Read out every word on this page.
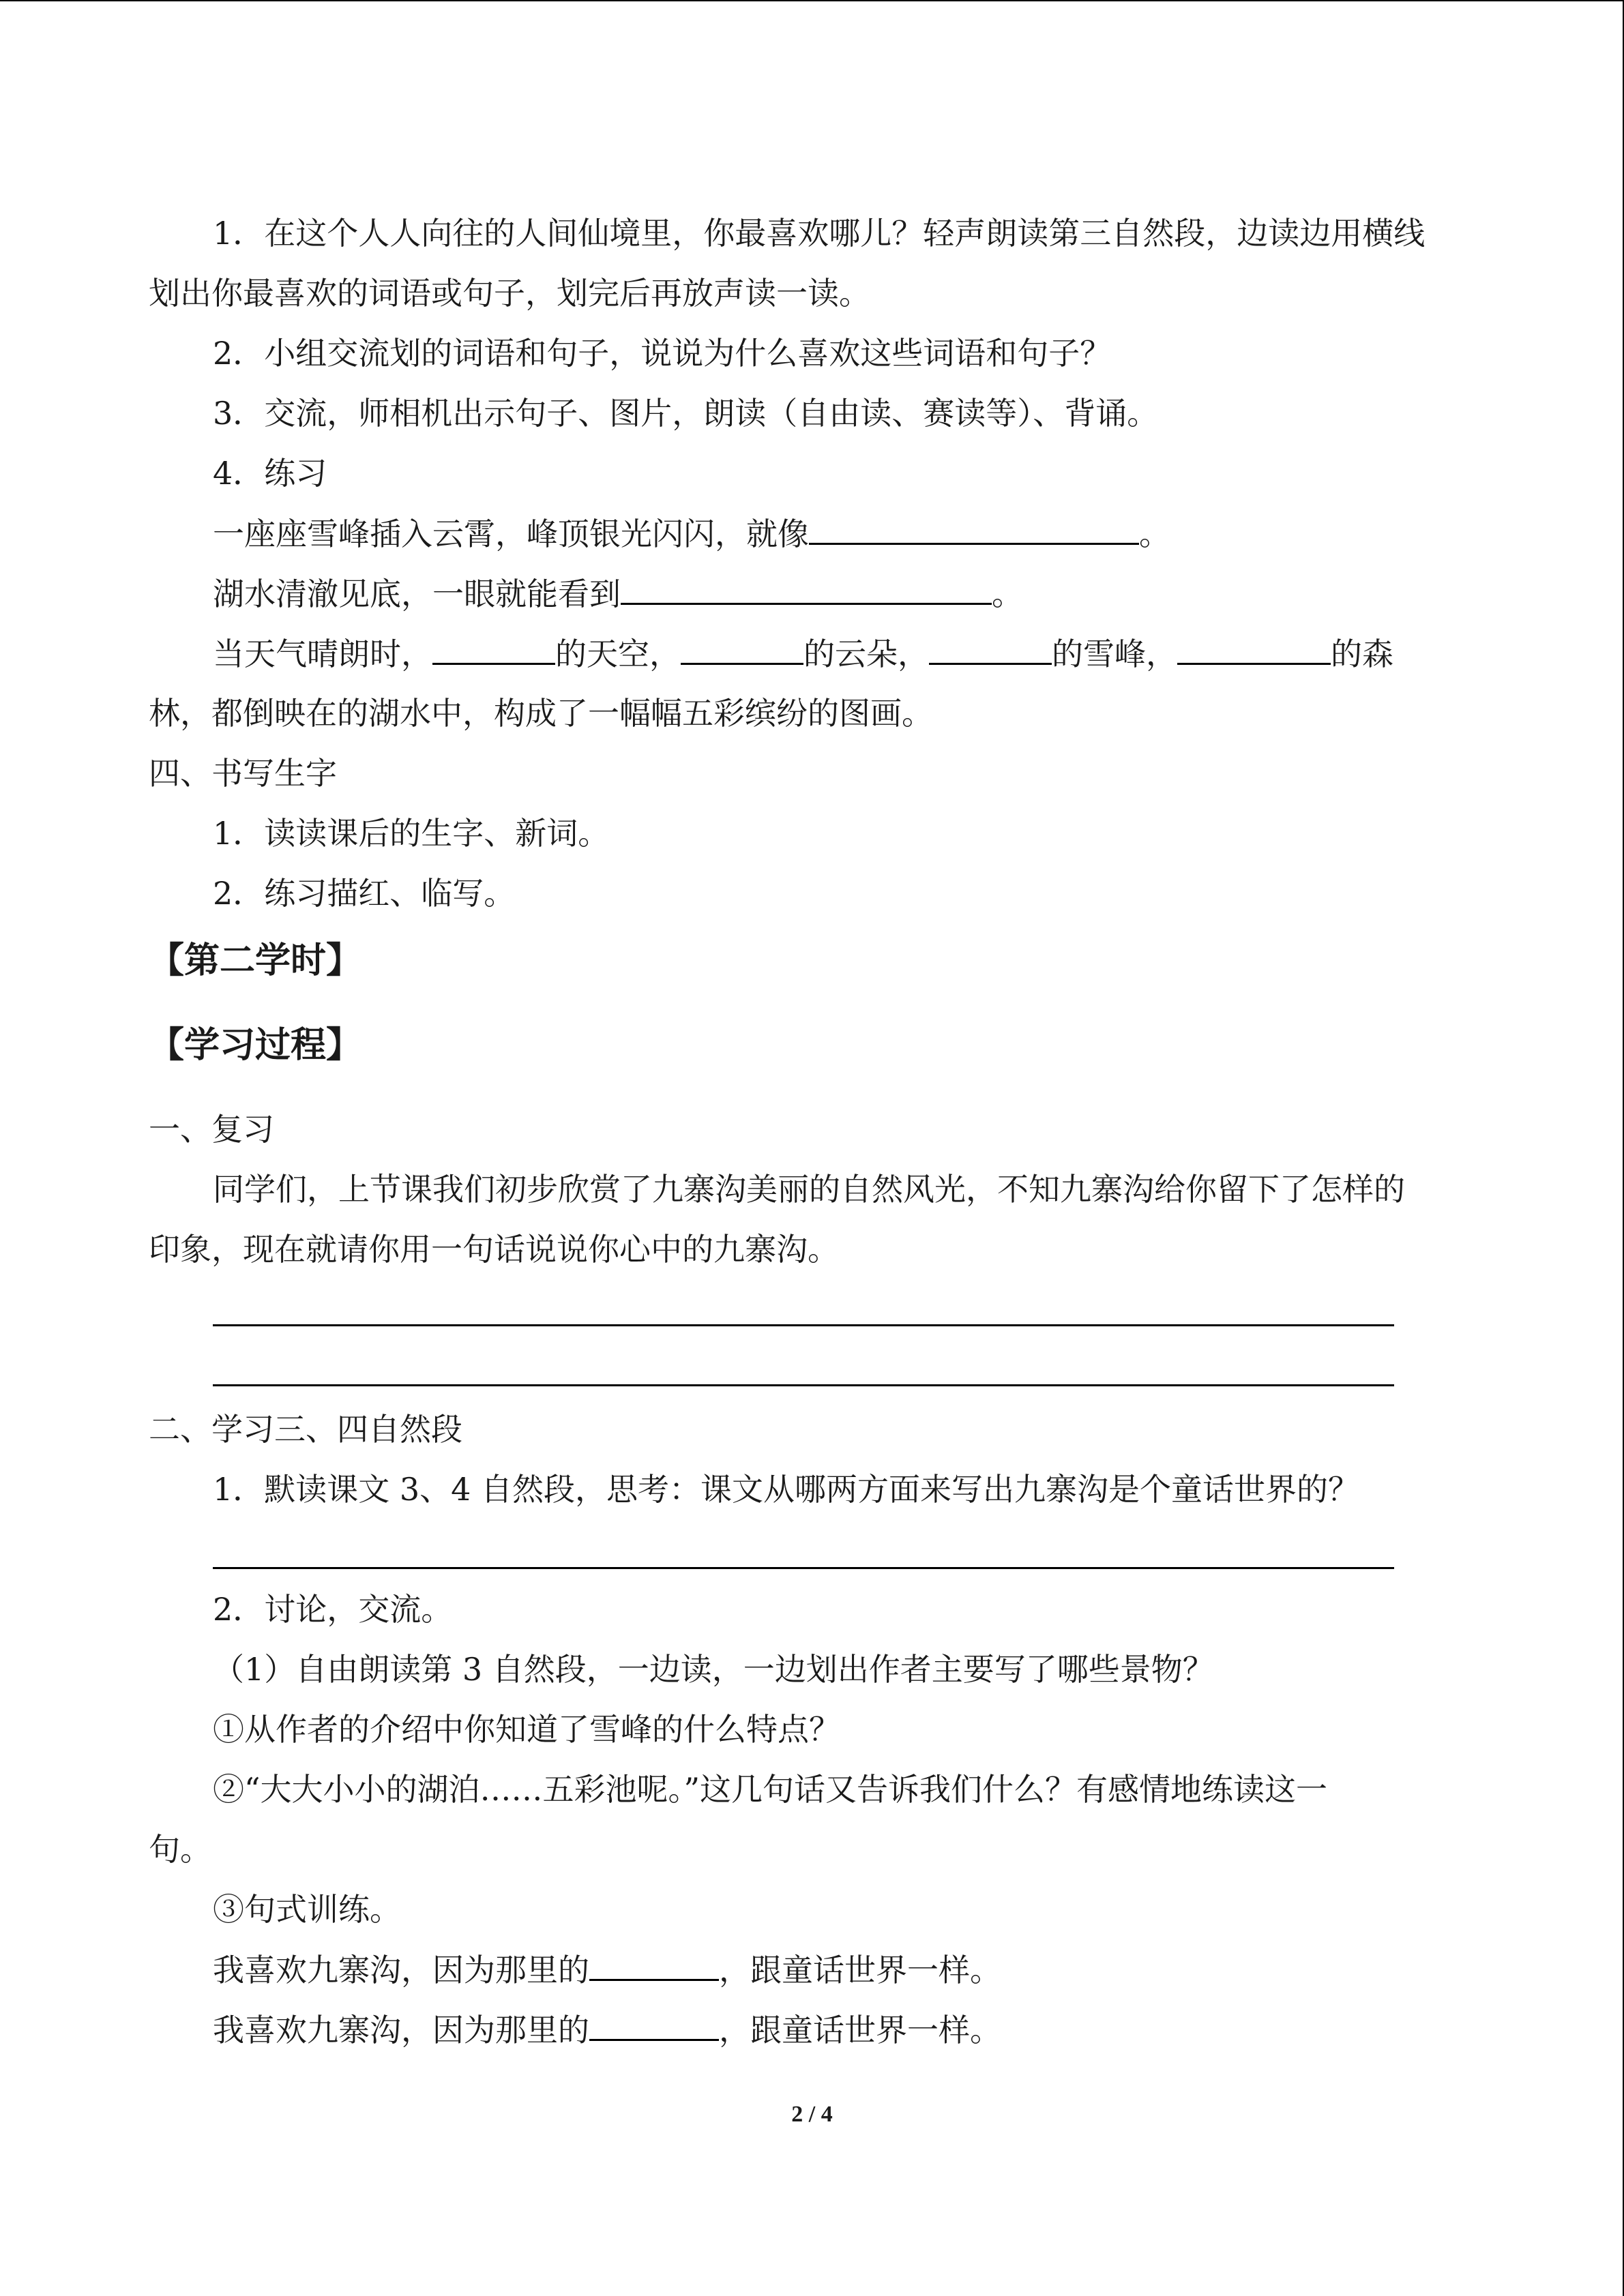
1．在这个人人向往的人间仙境里，你最喜欢哪儿？轻声朗读第三自然段，边读边用横线

划出你最喜欢的词语或句子，划完后再放声读一读。

2．小组交流划的词语和句子，说说为什么喜欢这些词语和句子？

3．交流，师相机出示句子、图片，朗读（自由读、赛读等）、背诵。

4．练习

一座座雪峰插入云霄，峰顶银光闪闪，就像	。

湖水清澈见底，一眼就能看到	。

当天气晴朗时，	的天空，	的云朵，	的雪峰，	的森

林，都倒映在的湖水中，构成了一幅幅五彩缤纷的图画。

四、书写生字

1．读读课后的生字、新词。

2．练习描红、临写。

【第二学时】

【学习过程】

一、复习

同学们，上节课我们初步欣赏了九寨沟美丽的自然风光，不知九寨沟给你留下了怎样的

印象，现在就请你用一句话说说你心中的九寨沟。

二、学习三、四自然段

1．默读课文 3、4 自然段，思考：课文从哪两方面来写出九寨沟是个童话世界的？

2．讨论，交流。

（1）自由朗读第 3 自然段，一边读，一边划出作者主要写了哪些景物？

①从作者的介绍中你知道了雪峰的什么特点？

②“大大小小的湖泊……五彩池呢。”这几句话又告诉我们什么？有感情地练读这一

句。

③句式训练。

我喜欢九寨沟，因为那里的	，跟童话世界一样。

我喜欢九寨沟，因为那里的	，跟童话世界一样。

2 / 4
